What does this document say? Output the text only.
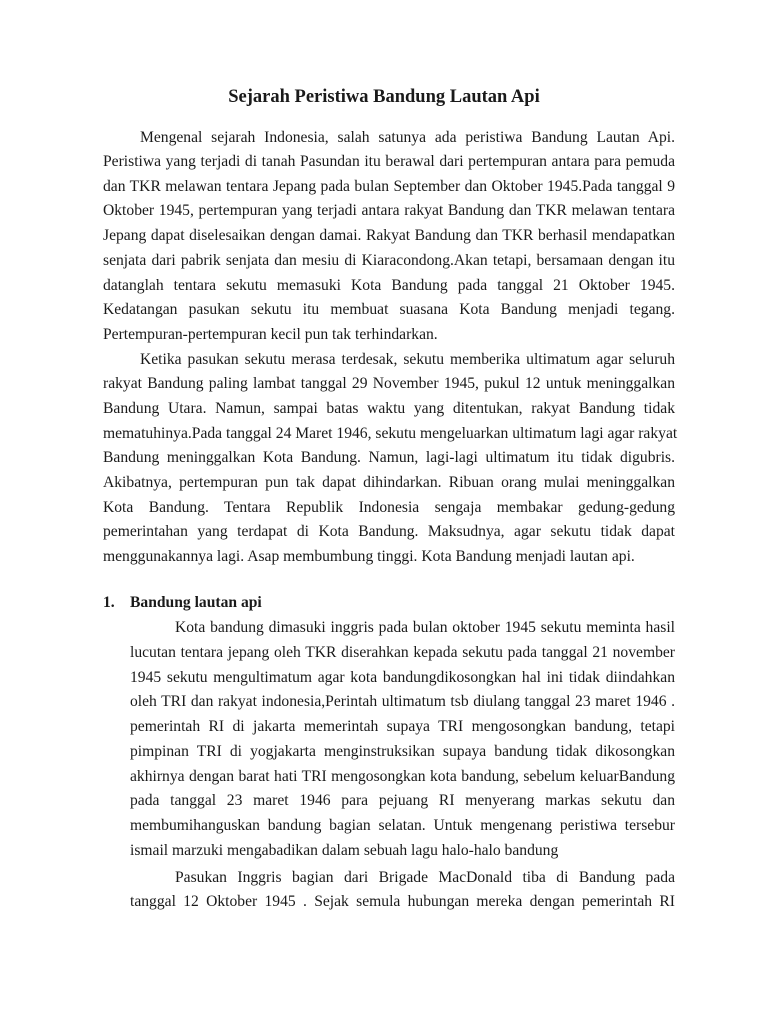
Sejarah Peristiwa Bandung Lautan Api
Mengenal sejarah Indonesia, salah satunya ada peristiwa Bandung Lautan Api.
Peristiwa yang terjadi di tanah Pasundan itu berawal dari pertempuran antara para pemuda
dan TKR melawan tentara Jepang pada bulan September dan Oktober 1945.Pada tanggal 9
Oktober 1945, pertempuran yang terjadi antara rakyat Bandung dan TKR melawan tentara
Jepang dapat diselesaikan dengan damai. Rakyat Bandung dan TKR berhasil mendapatkan
senjata dari pabrik senjata dan mesiu di Kiaracondong.Akan tetapi, bersamaan dengan itu
datanglah tentara sekutu memasuki Kota Bandung pada tanggal 21 Oktober 1945.
Kedatangan pasukan sekutu itu membuat suasana Kota Bandung menjadi tegang.
Pertempuran-pertempuran kecil pun tak terhindarkan.
Ketika pasukan sekutu merasa terdesak, sekutu memberika ultimatum agar seluruh
rakyat Bandung paling lambat tanggal 29 November 1945, pukul 12 untuk meninggalkan
Bandung Utara. Namun, sampai batas waktu yang ditentukan, rakyat Bandung tidak
mematuhinya.Pada tanggal 24 Maret 1946, sekutu mengeluarkan ultimatum lagi agar rakyat
Bandung meninggalkan Kota Bandung. Namun, lagi-lagi ultimatum itu tidak digubris.
Akibatnya, pertempuran pun tak dapat dihindarkan. Ribuan orang mulai meninggalkan
Kota Bandung. Tentara Republik Indonesia sengaja membakar gedung-gedung
pemerintahan yang terdapat di Kota Bandung. Maksudnya, agar sekutu tidak dapat
menggunakannya lagi. Asap membumbung tinggi. Kota Bandung menjadi lautan api.
1. Bandung lautan api
Kota bandung dimasuki inggris pada bulan oktober 1945 sekutu meminta hasil
lucutan tentara jepang oleh TKR diserahkan kepada sekutu pada tanggal 21 november
1945 sekutu mengultimatum agar kota bandungdikosongkan hal ini tidak diindahkan
oleh TRI dan rakyat indonesia,Perintah ultimatum tsb diulang tanggal 23 maret 1946 .
pemerintah RI di jakarta memerintah supaya TRI mengosongkan bandung, tetapi
pimpinan TRI di yogjakarta menginstruksikan supaya bandung tidak dikosongkan
akhirnya dengan barat hati TRI mengosongkan kota bandung, sebelum keluarBandung
pada tanggal 23 maret 1946 para pejuang RI menyerang markas sekutu dan
membumihanguskan bandung bagian selatan. Untuk mengenang peristiwa tersebur
ismail marzuki mengabadikan dalam sebuah lagu halo-halo bandung
Pasukan Inggris bagian dari Brigade MacDonald tiba di Bandung pada
tanggal 12 Oktober 1945 . Sejak semula hubungan mereka dengan pemerintah RI
